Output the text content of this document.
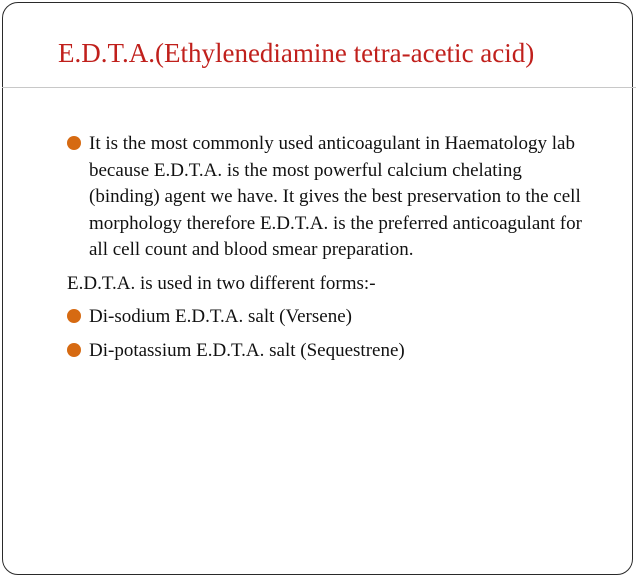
E.D.T.A.(Ethylenediamine tetra-acetic acid)

It is the most commonly used anticoagulant in Haematology lab because E.D.T.A. is the most powerful calcium chelating (binding) agent we have. It gives the best preservation to the cell morphology therefore E.D.T.A. is the preferred anticoagulant for all cell count and blood smear preparation.

E.D.T.A. is used in two different forms:-

Di-sodium E.D.T.A. salt (Versene)

Di-potassium E.D.T.A. salt (Sequestrene)
